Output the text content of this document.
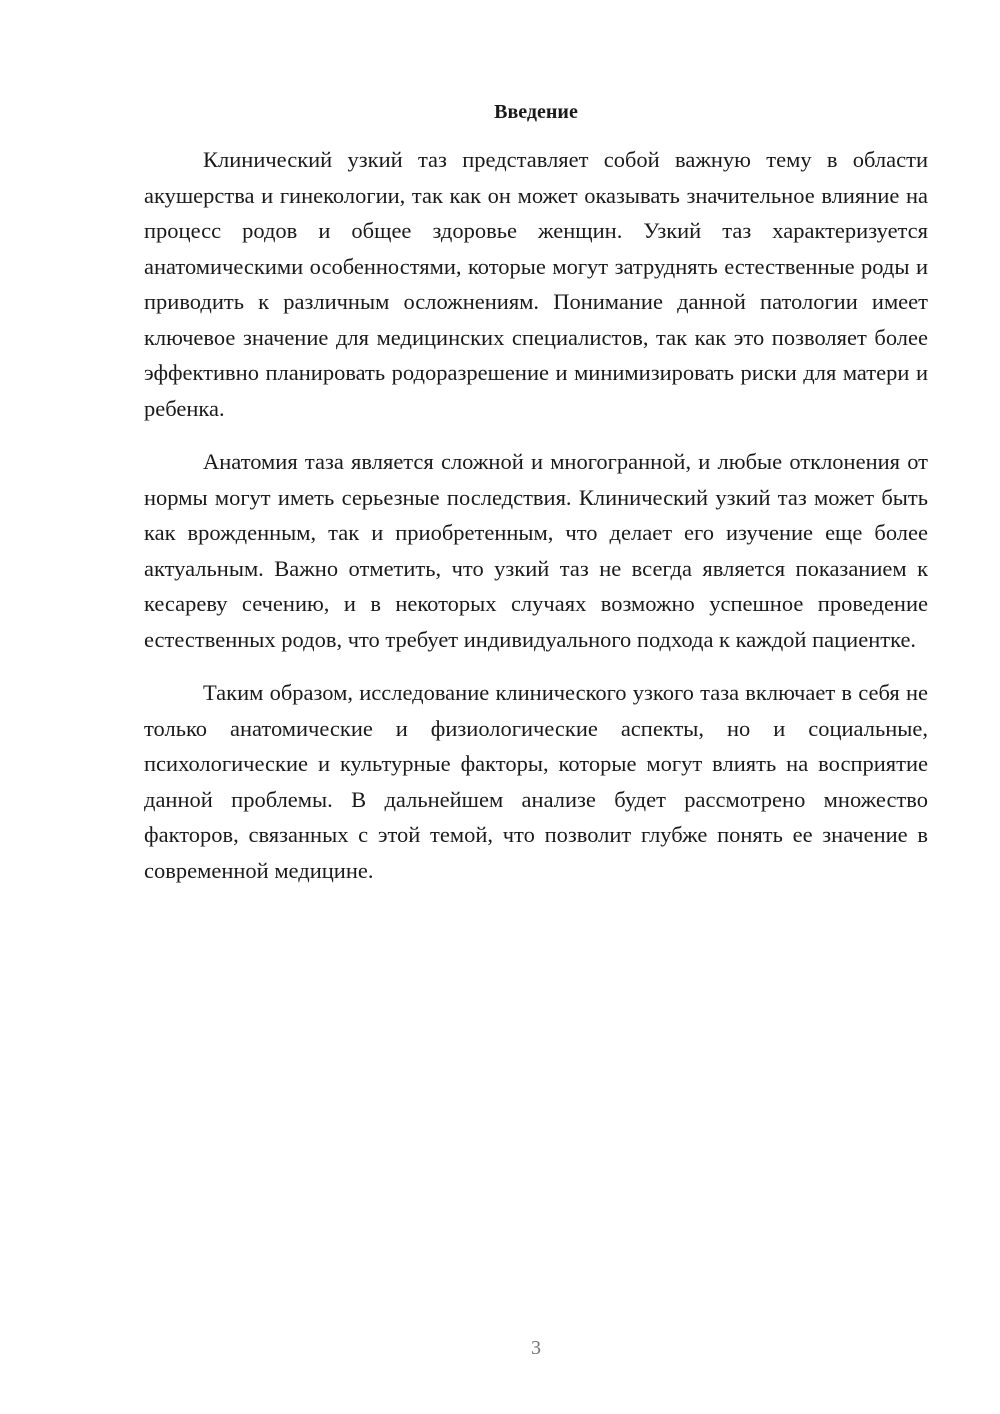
Введение

Клинический узкий таз представляет собой важную тему в области акушерства и гинекологии, так как он может оказывать значительное влияние на процесс родов и общее здоровье женщин. Узкий таз характеризуется анатомическими особенностями, которые могут затруднять естественные роды и приводить к различным осложнениям. Понимание данной патологии имеет ключевое значение для медицинских специалистов, так как это позволяет более эффективно планировать родоразрешение и минимизировать риски для матери и ребенка.

Анатомия таза является сложной и многогранной, и любые отклонения от нормы могут иметь серьезные последствия. Клинический узкий таз может быть как врожденным, так и приобретенным, что делает его изучение еще более актуальным. Важно отметить, что узкий таз не всегда является показанием к кесареву сечению, и в некоторых случаях возможно успешное проведение естественных родов, что требует индивидуального подхода к каждой пациентке.

Таким образом, исследование клинического узкого таза включает в себя не только анатомические и физиологические аспекты, но и социальные, психологические и культурные факторы, которые могут влиять на восприятие данной проблемы. В дальнейшем анализе будет рассмотрено множество факторов, связанных с этой темой, что позволит глубже понять ее значение в современной медицине.

3
